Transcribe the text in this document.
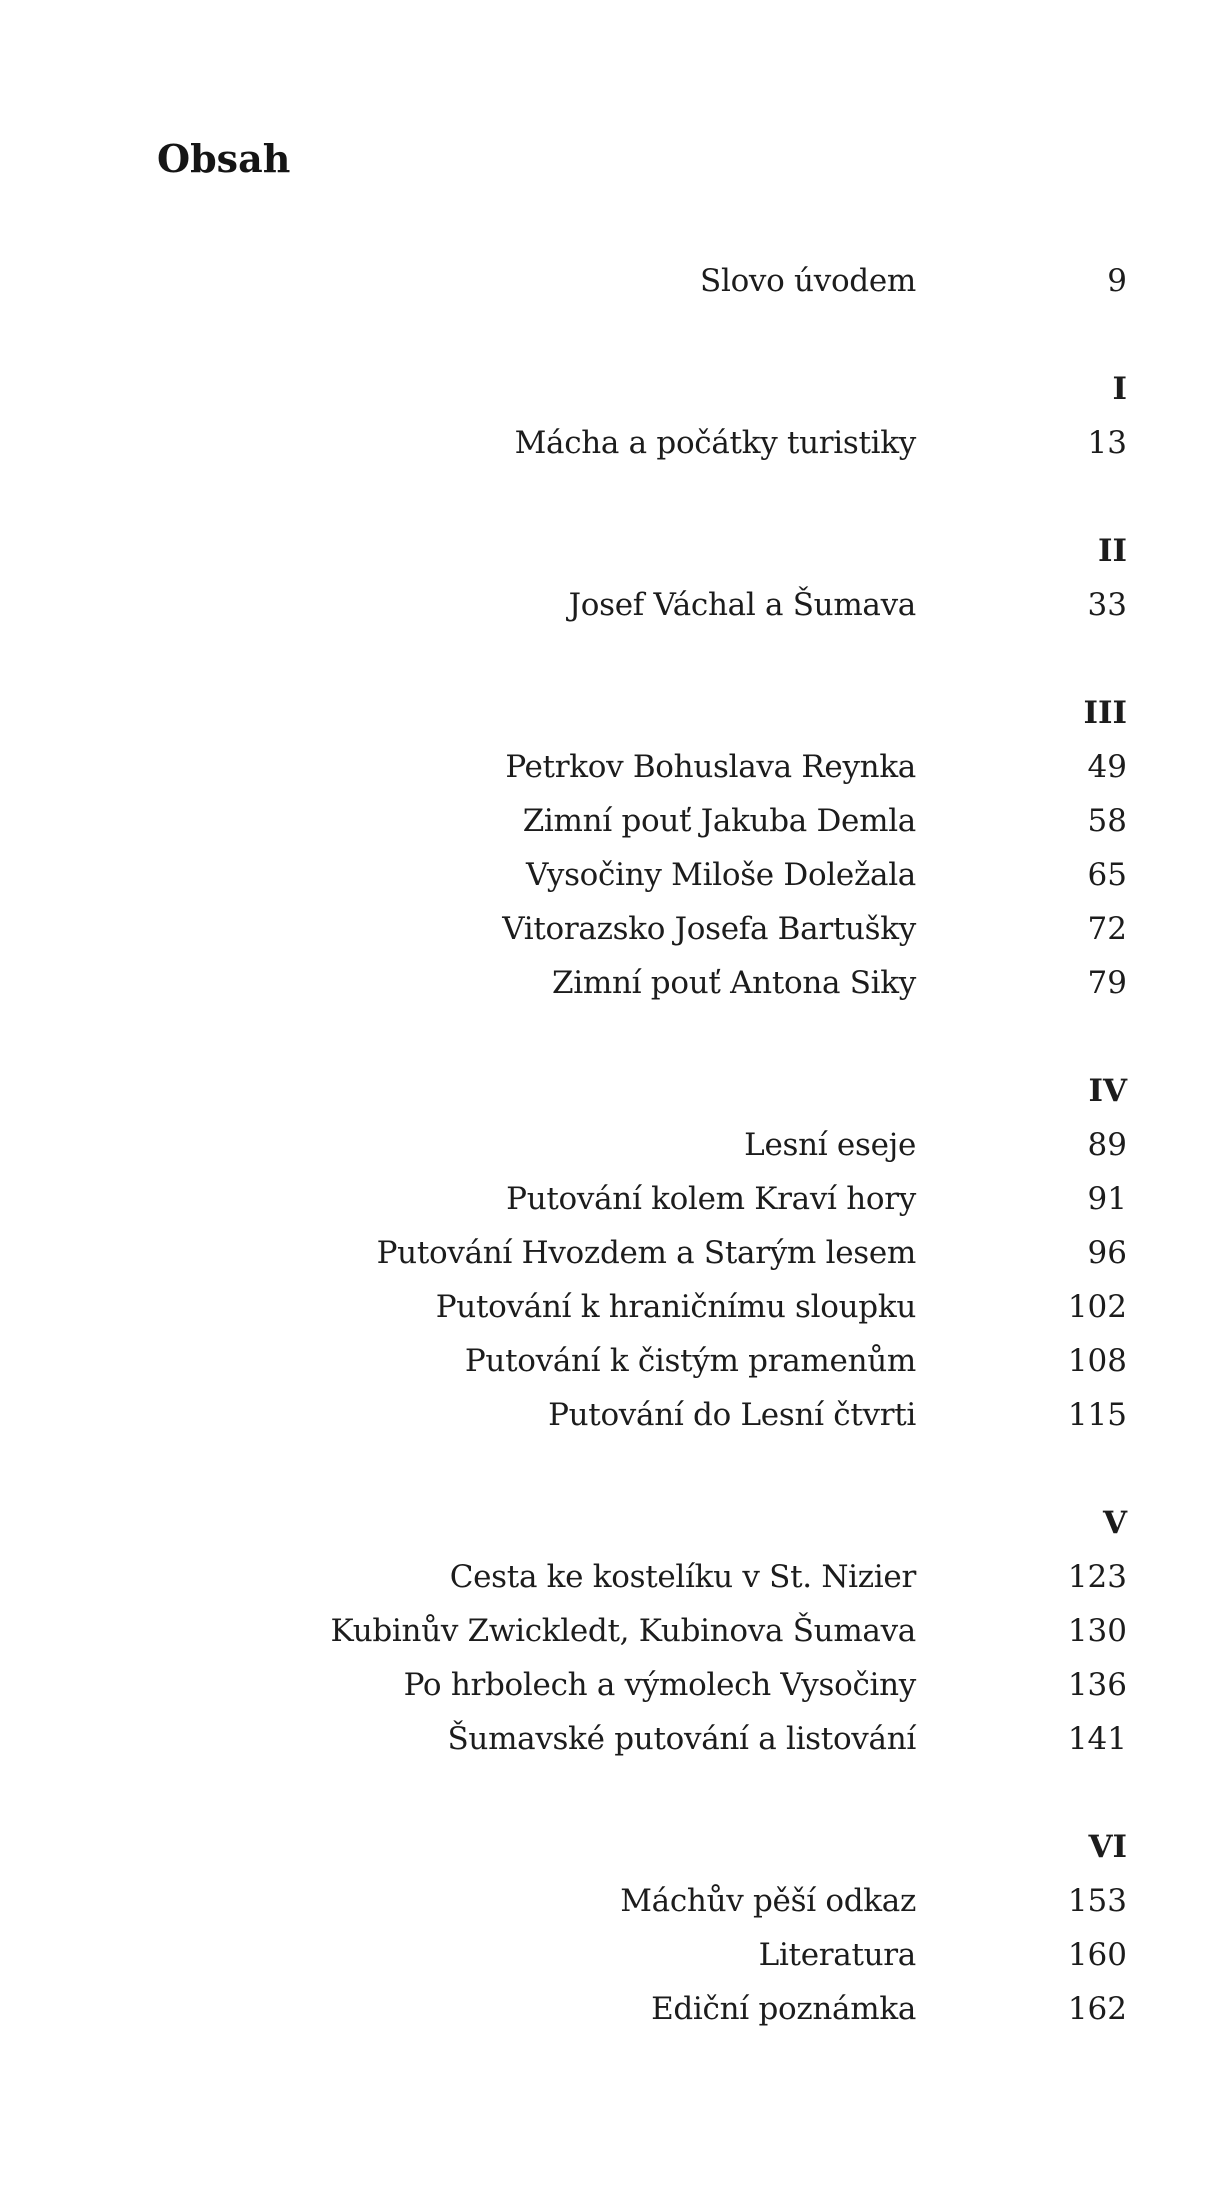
Obsah
Slovo úvodem	9
I
Mácha a počátky turistiky	13
II
Josef Váchal a Šumava	33
III
Petrkov Bohuslava Reynka	49
Zimní pouť Jakuba Demla	58
Vysočiny Miloše Doležala	65
Vitorazsko Josefa Bartušky	72
Zimní pouť Antona Siky	79
IV
Lesní eseje	89
Putování kolem Kraví hory	91
Putování Hvozdem a Starým lesem	96
Putování k hraničnímu sloupku	102
Putování k čistým pramenům	108
Putování do Lesní čtvrti	115
V
Cesta ke kostelíku v St. Nizier	123
Kubinův Zwickledt, Kubinova Šumava	130
Po hrbolech a výmolech Vysočiny	136
Šumavské putování a listování	141
VI
Máchův pěší odkaz	153
Literatura	160
Ediční poznámka	162
